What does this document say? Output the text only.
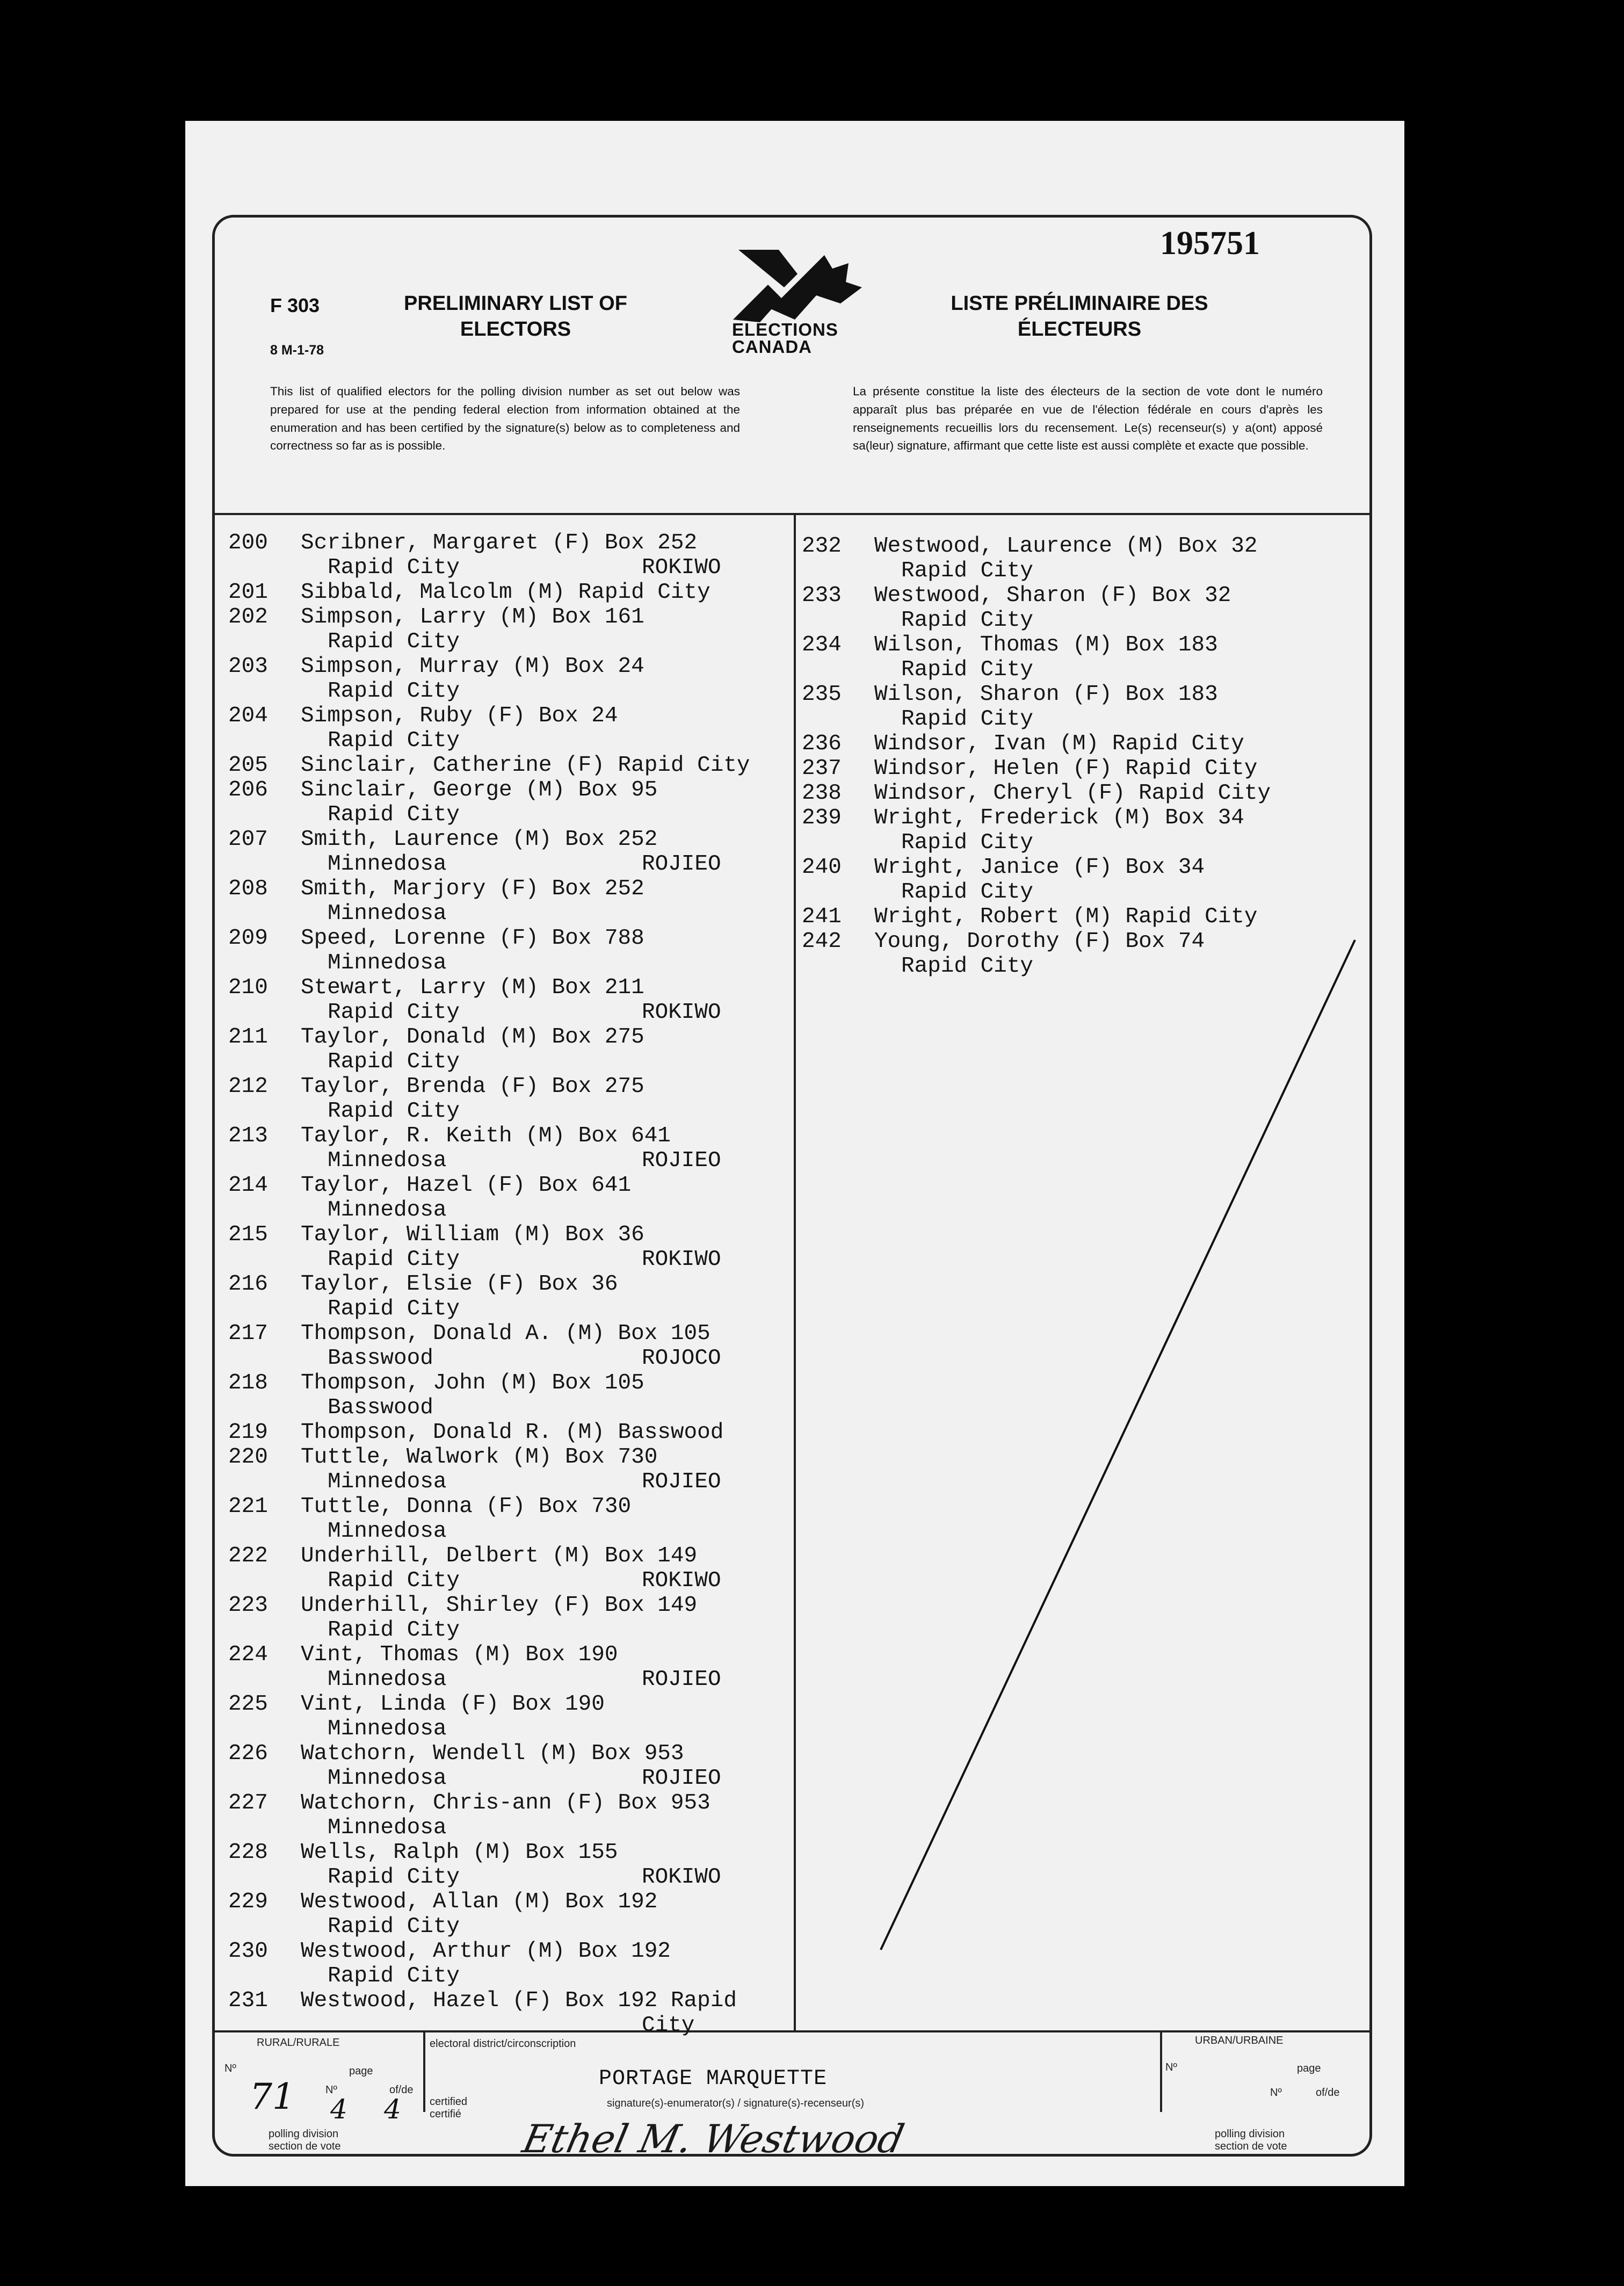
195751
F 303
8 M-1-78
PRELIMINARY LIST OF
ELECTORS	ELECTIONS
CANADA
LISTE PRÉLIMINAIRE DES
ÉLECTEURS
This list of qualified electors for the polling division number as set out below was prepared for use at the pending federal election from information obtained at the enumeration and has been certified by the signature(s) below as to completeness and correctness so far as is possible.
La présente constitue la liste des électeurs de la section de vote dont le numéro apparaît plus bas préparée en vue de l'élection fédérale en cours d'après les renseignements recueillis lors du recensement. Le(s) recenseur(s) y a(ont) apposé sa(leur) signature, affirmant que cette liste est aussi complète et exacte que possible.
200 Scribner, Margaret (F) Box 252
Rapid City	ROKIWO
201 Sibbald, Malcolm (M) Rapid City
202 Simpson, Larry (M) Box 161
Rapid City
203 Simpson, Murray (M) Box 24
Rapid City
204 Simpson, Ruby (F) Box 24
Rapid City
205 Sinclair, Catherine (F) Rapid City
206 Sinclair, George (M) Box 95
Rapid City
207 Smith, Laurence (M) Box 252
Minnedosa	ROJIEO
208 Smith, Marjory (F) Box 252
Minnedosa
209 Speed, Lorenne (F) Box 788
Minnedosa
210 Stewart, Larry (M) Box 211
Rapid City	ROKIWO
211 Taylor, Donald (M) Box 275
Rapid City
212 Taylor, Brenda (F) Box 275
Rapid City
213 Taylor, R. Keith (M) Box 641
Minnedosa	ROJIEO
214 Taylor, Hazel (F) Box 641
Minnedosa
215 Taylor, William (M) Box 36
Rapid City	ROKIWO
216 Taylor, Elsie (F) Box 36
Rapid City
217 Thompson, Donald A. (M) Box 105
Basswood	ROJOCO
218 Thompson, John (M) Box 105
Basswood
219 Thompson, Donald R. (M) Basswood
220 Tuttle, Walwork (M) Box 730
Minnedosa	ROJIEO
221 Tuttle, Donna (F) Box 730
Minnedosa
222 Underhill, Delbert (M) Box 149
Rapid City	ROKIWO
223 Underhill, Shirley (F) Box 149
Rapid City
224 Vint, Thomas (M) Box 190
Minnedosa	ROJIEO
225 Vint, Linda (F) Box 190
Minnedosa
226 Watchorn, Wendell (M) Box 953
Minnedosa	ROJIEO
227 Watchorn, Chris-ann (F) Box 953
Minnedosa
228 Wells, Ralph (M) Box 155
Rapid City	ROKIWO
229 Westwood, Allan (M) Box 192
Rapid City
230 Westwood, Arthur (M) Box 192
Rapid City
231 Westwood, Hazel (F) Box 192 Rapid
City
232 Westwood, Laurence (M) Box 32
Rapid City
233 Westwood, Sharon (F) Box 32
Rapid City
234 Wilson, Thomas (M) Box 183
Rapid City
235 Wilson, Sharon (F) Box 183
Rapid City
236 Windsor, Ivan (M) Rapid City
237 Windsor, Helen (F) Rapid City
238 Windsor, Cheryl (F) Rapid City
239 Wright, Frederick (M) Box 34
Rapid City
240 Wright, Janice (F) Box 34
Rapid City
241 Wright, Robert (M) Rapid City
242 Young, Dorothy (F) Box 74
Rapid City
RURAL/RURALE	electoral district/circonscription	URBAN/URBAINE
Nº	page
Nº	of/de
71 4 4
polling division
section de vote
PORTAGE MARQUETTE
signature(s)-enumerator(s) / signature(s)-recenseur(s)
certified
certifié
Ethel M. Westwood
Nº	page
Nº	of/de
polling division
section de vote
